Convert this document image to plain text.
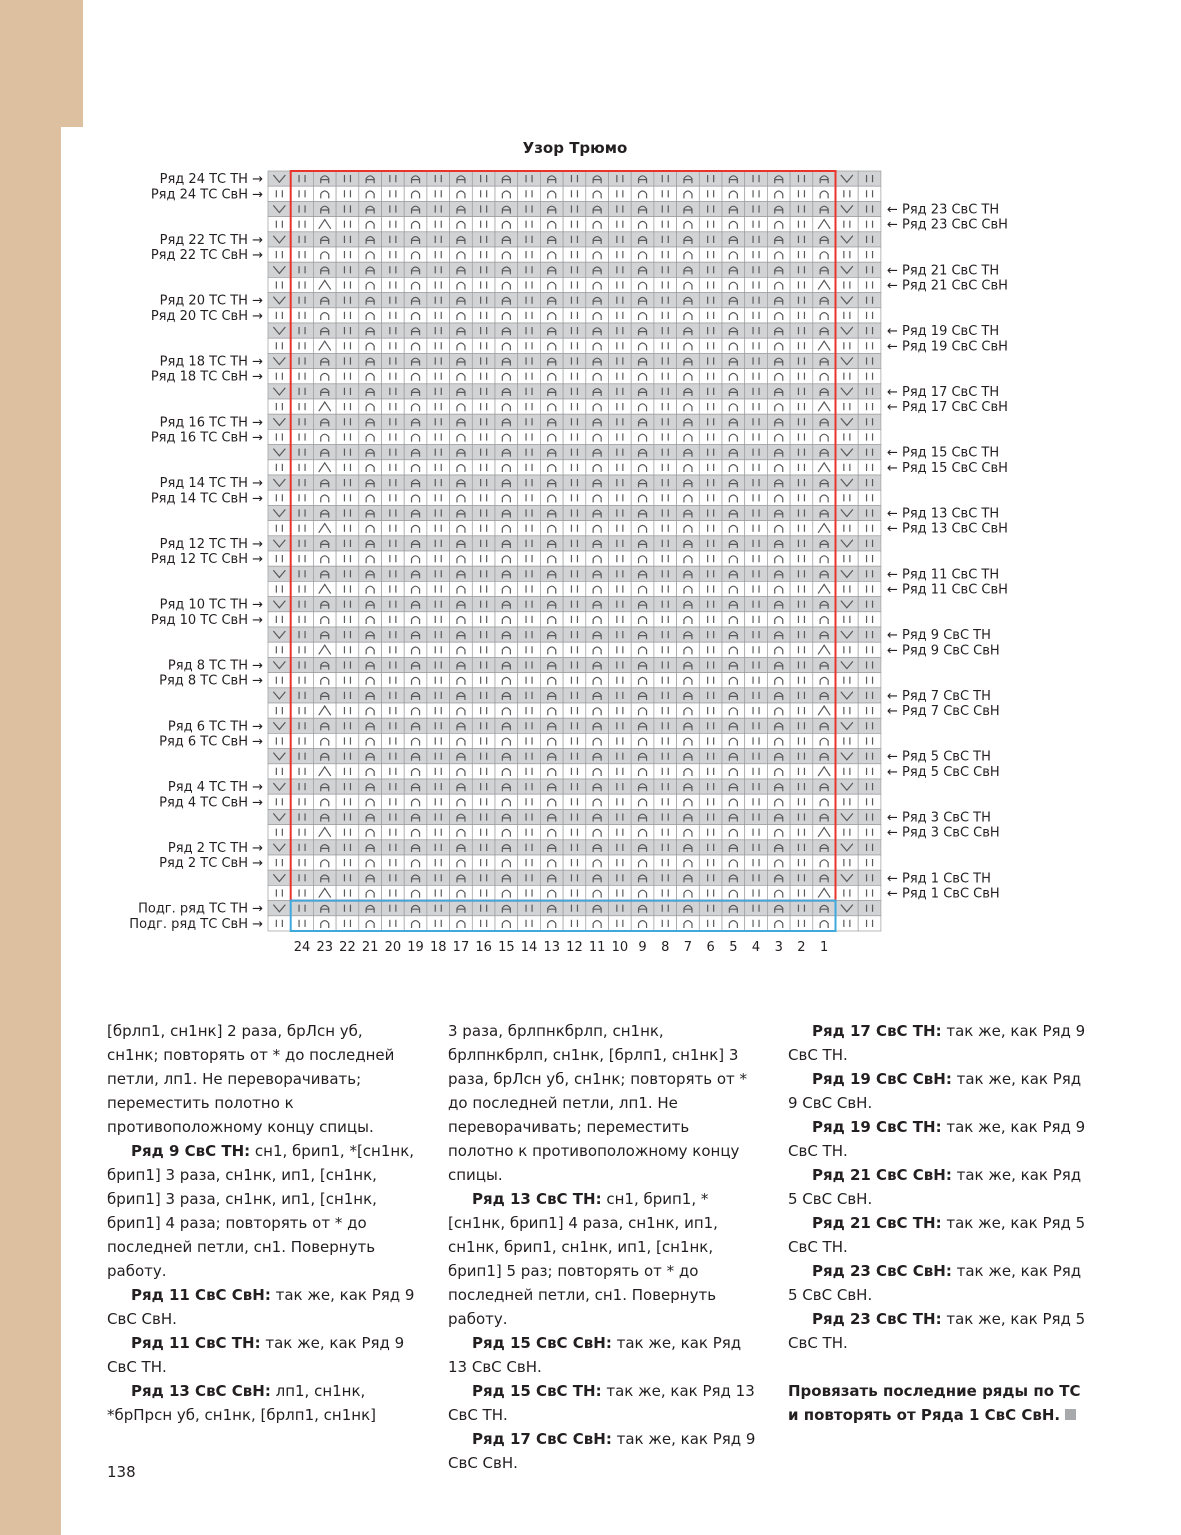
Узор Трюмо
Ряд 24 ТС ТН →
Ряд 24 ТС СвН →
Ряд 22 ТС ТН →
Ряд 22 ТС СвН →
Ряд 20 ТС ТН →
Ряд 20 ТС СвН →
Ряд 18 ТС ТН →
Ряд 18 ТС СвН →
Ряд 16 ТС ТН →
Ряд 16 ТС СвН →
Ряд 14 ТС ТН →
Ряд 14 ТС СвН →
Ряд 12 ТС ТН →
Ряд 12 ТС СвН →
Ряд 10 ТС ТН →
Ряд 10 ТС СвН →
Ряд 8 ТС ТН →
Ряд 8 ТС СвН →
Ряд 6 ТС ТН →
Ряд 6 ТС СвН →
Ряд 4 ТС ТН →
Ряд 4 ТС СвН →
Ряд 2 ТС ТН →
Ряд 2 ТС СвН →
Подг. ряд ТС ТН →
Подг. ряд ТС СвН →
← Ряд 23 СвС ТН
← Ряд 23 СвС СвН
← Ряд 21 СвС ТН
← Ряд 21 СвС СвН
← Ряд 19 СвС ТН
← Ряд 19 СвС СвН
← Ряд 17 СвС ТН
← Ряд 17 СвС СвН
← Ряд 15 СвС ТН
← Ряд 15 СвС СвН
← Ряд 13 СвС ТН
← Ряд 13 СвС СвН
← Ряд 11 СвС ТН
← Ряд 11 СвС СвН
← Ряд 9 СвС ТН
← Ряд 9 СвС СвН
← Ряд 7 СвС ТН
← Ряд 7 СвС СвН
← Ряд 5 СвС ТН
← Ряд 5 СвС СвН
← Ряд 3 СвС ТН
← Ряд 3 СвС СвН
← Ряд 1 СвС ТН
← Ряд 1 СвС СвН
24 23 22 21 20 19 18 17 16 15 14 13 12 11 10 9 8 7 6 5 4 3 2 1

[брлп1, сн1нк] 2 раза, брЛсн уб, сн1нк; повторять от * до последней петли, лп1. Не переворачивать; переместить полотно к противоположному концу спицы.

Ряд 9 СвС ТН: сн1, брип1, *[сн1нк, брип1] 3 раза, сн1нк, ип1, [сн1нк, брип1] 3 раза, сн1нк, ип1, [сн1нк, брип1] 4 раза; повторять от * до последней петли, сн1. Повернуть работу.

Ряд 11 СвС СвН: так же, как Ряд 9 СвС СвН.

Ряд 11 СвС ТН: так же, как Ряд 9 СвС ТН.

Ряд 13 СвС СвН: лп1, сн1нк, *брПрсн уб, сн1нк, [брлп1, сн1нк]

3 раза, брлпнкбрлп, сн1нк, брлпнкбрлп, сн1нк, [брлп1, сн1нк] 3 раза, брЛсн уб, сн1нк; повторять от * до последней петли, лп1. Не переворачивать; переместить полотно к противоположному концу спицы.

Ряд 13 СвС ТН: сн1, брип1, *[сн1нк, брип1] 4 раза, сн1нк, ип1, сн1нк, брип1, сн1нк, ип1, [сн1нк, брип1] 5 раз; повторять от * до последней петли, сн1. Повернуть работу.

Ряд 15 СвС СвН: так же, как Ряд 13 СвС СвН.

Ряд 15 СвС ТН: так же, как Ряд 13 СвС ТН.

Ряд 17 СвС СвН: так же, как Ряд 9 СвС СвН.

Ряд 17 СвС ТН: так же, как Ряд 9 СвС ТН.

Ряд 19 СвС СвН: так же, как Ряд 9 СвС СвН.

Ряд 19 СвС ТН: так же, как Ряд 9 СвС ТН.

Ряд 21 СвС СвН: так же, как Ряд 5 СвС СвН.

Ряд 21 СвС ТН: так же, как Ряд 5 СвС ТН.

Ряд 23 СвС СвН: так же, как Ряд 5 СвС СвН.

Ряд 23 СвС ТН: так же, как Ряд 5 СвС ТН.

Провязать последние ряды по ТС и повторять от Ряда 1 СвС СвН.

138
